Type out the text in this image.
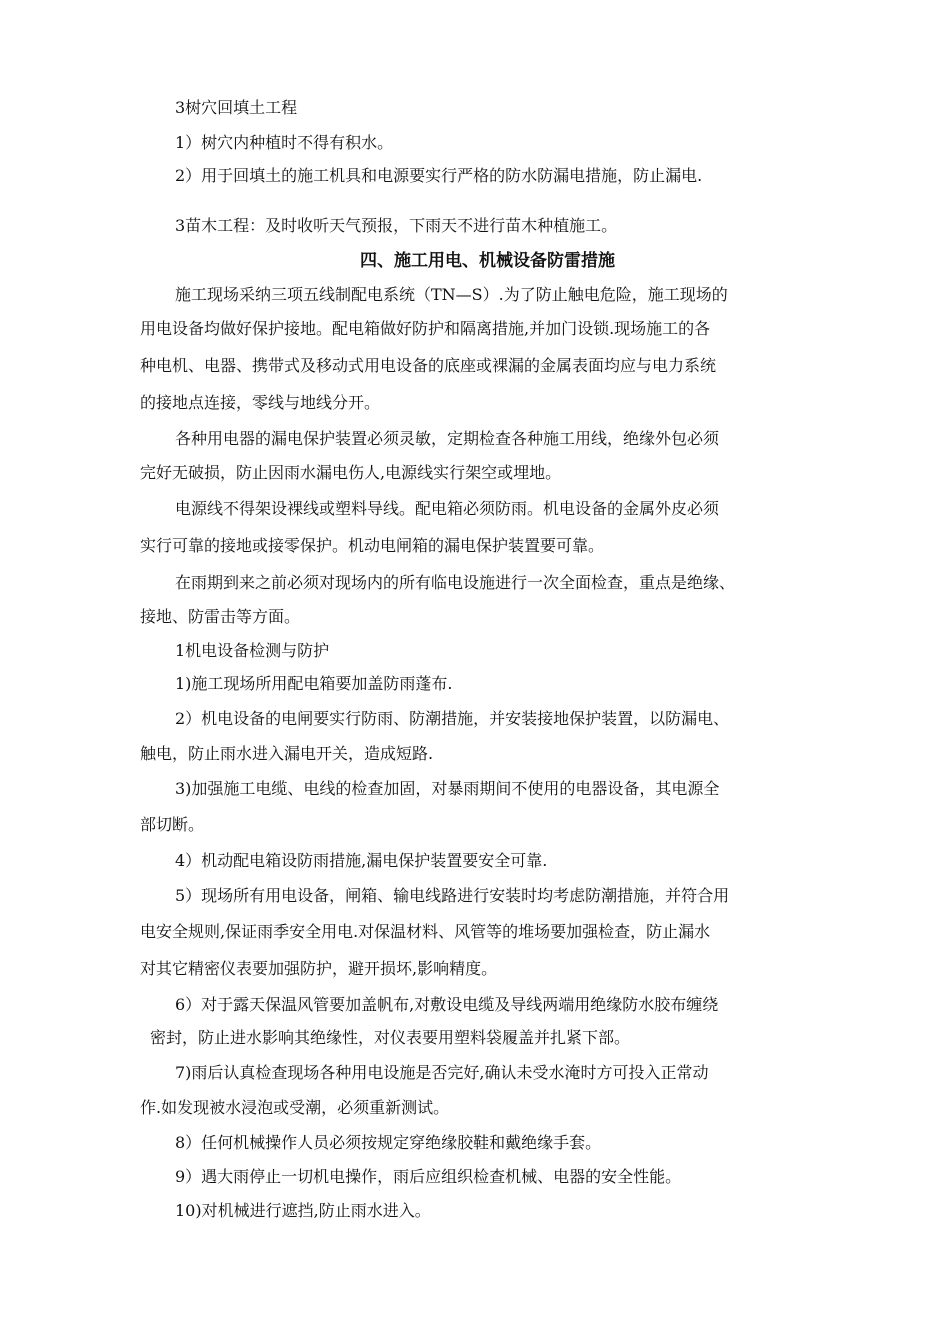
3树穴回填土工程

1）树穴内种植时不得有积水。

2）用于回填土的施工机具和电源要实行严格的防水防漏电措施，防止漏电.

3苗木工程：及时收听天气预报，下雨天不进行苗木种植施工。

四、施工用电、机械设备防雷措施

施工现场采纳三项五线制配电系统（TN—S）.为了防止触电危险，施工现场的

用电设备均做好保护接地。配电箱做好防护和隔离措施,并加门设锁.现场施工的各

种电机、电器、携带式及移动式用电设备的底座或裸漏的金属表面均应与电力系统

的接地点连接，零线与地线分开。

各种用电器的漏电保护装置必须灵敏，定期检查各种施工用线，绝缘外包必须

完好无破损，防止因雨水漏电伤人,电源线实行架空或埋地。

电源线不得架设裸线或塑料导线。配电箱必须防雨。机电设备的金属外皮必须

实行可靠的接地或接零保护。机动电闸箱的漏电保护装置要可靠。

在雨期到来之前必须对现场内的所有临电设施进行一次全面检查，重点是绝缘、

接地、防雷击等方面。

1机电设备检测与防护

1)施工现场所用配电箱要加盖防雨蓬布.

2）机电设备的电闸要实行防雨、防潮措施，并安装接地保护装置，以防漏电、

触电，防止雨水进入漏电开关，造成短路.

3)加强施工电缆、电线的检查加固，对暴雨期间不使用的电器设备，其电源全

部切断。

4）机动配电箱设防雨措施,漏电保护装置要安全可靠.

5）现场所有用电设备，闸箱、输电线路进行安装时均考虑防潮措施，并符合用

电安全规则,保证雨季安全用电.对保温材料、风管等的堆场要加强检查，防止漏水

对其它精密仪表要加强防护，避开损坏,影响精度。

6）对于露天保温风管要加盖帆布,对敷设电缆及导线两端用绝缘防水胶布缠绕

密封，防止进水影响其绝缘性，对仪表要用塑料袋履盖并扎紧下部。

7)雨后认真检查现场各种用电设施是否完好,确认未受水淹时方可投入正常动

作.如发现被水浸泡或受潮，必须重新测试。

8）任何机械操作人员必须按规定穿绝缘胶鞋和戴绝缘手套。

9）遇大雨停止一切机电操作，雨后应组织检查机械、电器的安全性能。

10)对机械进行遮挡,防止雨水进入。
